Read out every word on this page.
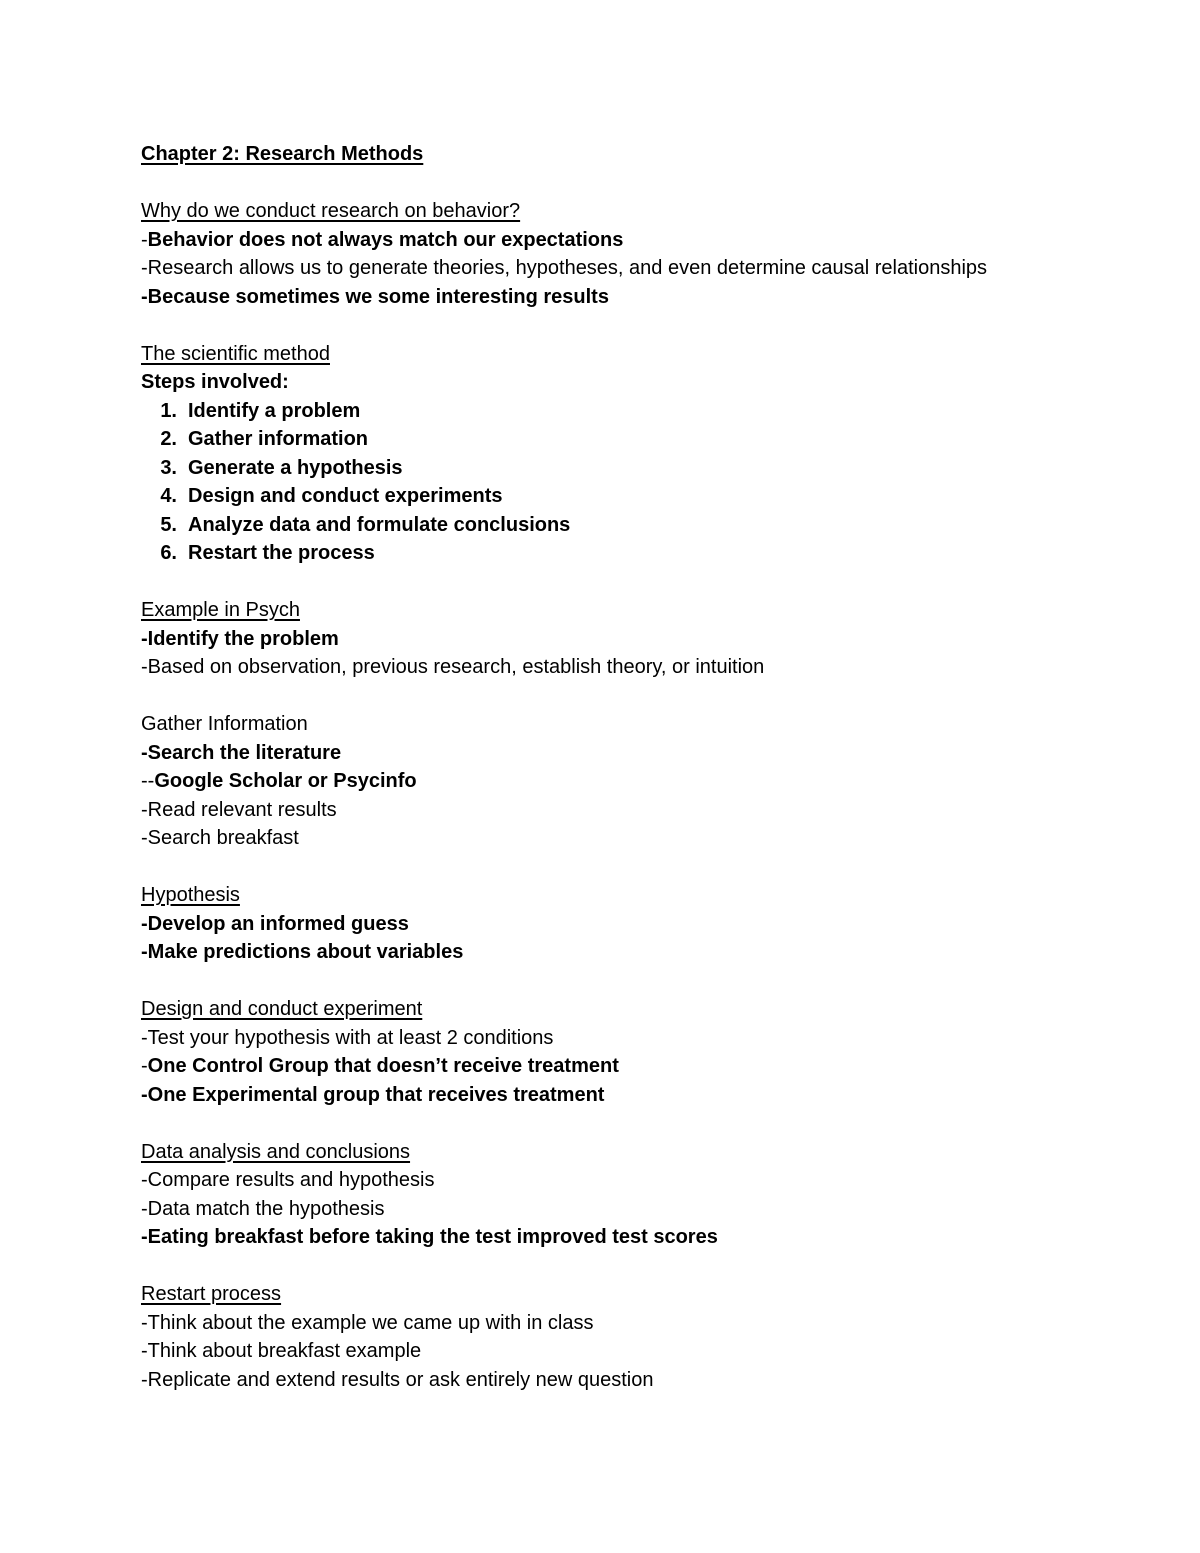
Chapter 2: Research Methods
Why do we conduct research on behavior?
-Behavior does not always match our expectations
-Research allows us to generate theories, hypotheses, and even determine causal relationships
-Because sometimes we some interesting results
The scientific method
Steps involved:
1. Identify a problem
2. Gather information
3. Generate a hypothesis
4. Design and conduct experiments
5. Analyze data and formulate conclusions
6. Restart the process
Example in Psych
-Identify the problem
-Based on observation, previous research, establish theory, or intuition
Gather Information
-Search the literature
--Google Scholar or Psycinfo
-Read relevant results
-Search breakfast
Hypothesis
-Develop an informed guess
-Make predictions about variables
Design and conduct experiment
-Test your hypothesis with at least 2 conditions
-One Control Group that doesn’t receive treatment
-One Experimental group that receives treatment
Data analysis and conclusions
-Compare results and hypothesis
-Data match the hypothesis
-Eating breakfast before taking the test improved test scores
Restart process
-Think about the example we came up with in class
-Think about breakfast example
-Replicate and extend results or ask entirely new question
